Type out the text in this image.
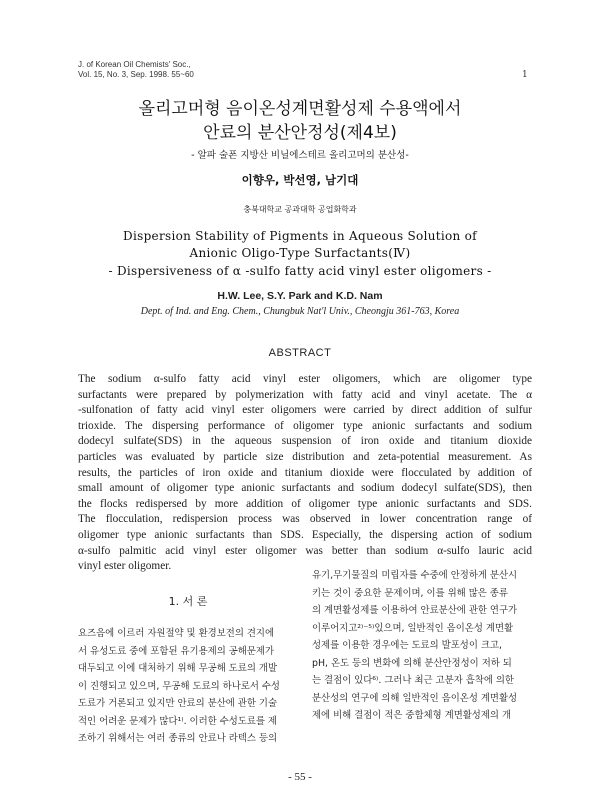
J. of Korean Oil Chemists' Soc.,
Vol. 15, No. 3, Sep. 1998. 55~60	1
올리고머형 음이온성계면활성제 수용액에서
안료의 분산안정성(제4보)
- 알파 술폰 지방산 비닐에스테르 올리고머의 분산성-
이향우, 박선영, 남기대
충북대학교 공과대학 공업화학과
Dispersion Stability of Pigments in Aqueous Solution of
Anionic Oligo-Type Surfactants(Ⅳ)
- Dispersiveness of α -sulfo fatty acid vinyl ester oligomers -
H.W. Lee, S.Y. Park and K.D. Nam
Dept. of Ind. and Eng. Chem., Chungbuk Nat'l Univ., Cheongju 361-763, Korea
ABSTRACT
The sodium α-sulfo fatty acid vinyl ester oligomers, which are oligomer type
surfactants were prepared by polymerization with fatty acid and vinyl acetate. The α
-sulfonation of fatty acid vinyl ester oligomers were carried by direct addition of sulfur
trioxide. The dispersing performance of oligomer type anionic surfactants and sodium
dodecyl sulfate(SDS) in the aqueous suspension of iron oxide and titanium dioxide
particles was evaluated by particle size distribution and zeta-potential measurement. As
results, the particles of iron oxide and titanium dioxide were flocculated by addition of
small amount of oligomer type anionic surfactants and sodium dodecyl sulfate(SDS), then
the flocks redispersed by more addition of oligomer type anionic surfactants and SDS.
The flocculation, redispersion process was observed in lower concentration range of
oligomer type anionic surfactants than SDS. Especially, the dispersing action of sodium
α-sulfo palmitic acid vinyl ester oligomer was better than sodium α-sulfo lauric acid
vinyl ester oligomer.
1. 서 론
요즈음에 이르러 자원절약 및 환경보전의 견지에
서 유성도료 중에 포함된 유기용제의 공해문제가
대두되고 이에 대처하기 위해 무공해 도료의 개발
이 진행되고 있으며, 무공해 도료의 하나로서 수성
도료가 거론되고 있지만 안료의 분산에 관한 기술
적인 어려운 문제가 많다¹⁾. 이러한 수성도료를 제
조하기 위해서는 여러 종류의 안료나 라텍스 등의
유기,무기물질의 미립자를 수중에 안정하게 분산시
키는 것이 중요한 문제이며, 이를 위해 많은 종류
의 계면활성제를 이용하여 안료분산에 관한 연구가
이루어지고²⁾⁻⁵⁾있으며, 일반적인 음이온성 계면활
성제를 이용한 경우에는 도료의 발포성이 크고,
pH, 온도 등의 변화에 의해 분산안정성이 저하 되
는 결점이 있다⁶⁾. 그러나 최근 고분자 흡착에 의한
분산성의 연구에 의해 일반적인 음이온성 계면활성
제에 비해 결점이 적은 중합체형 계면활성제의 개
- 55 -
